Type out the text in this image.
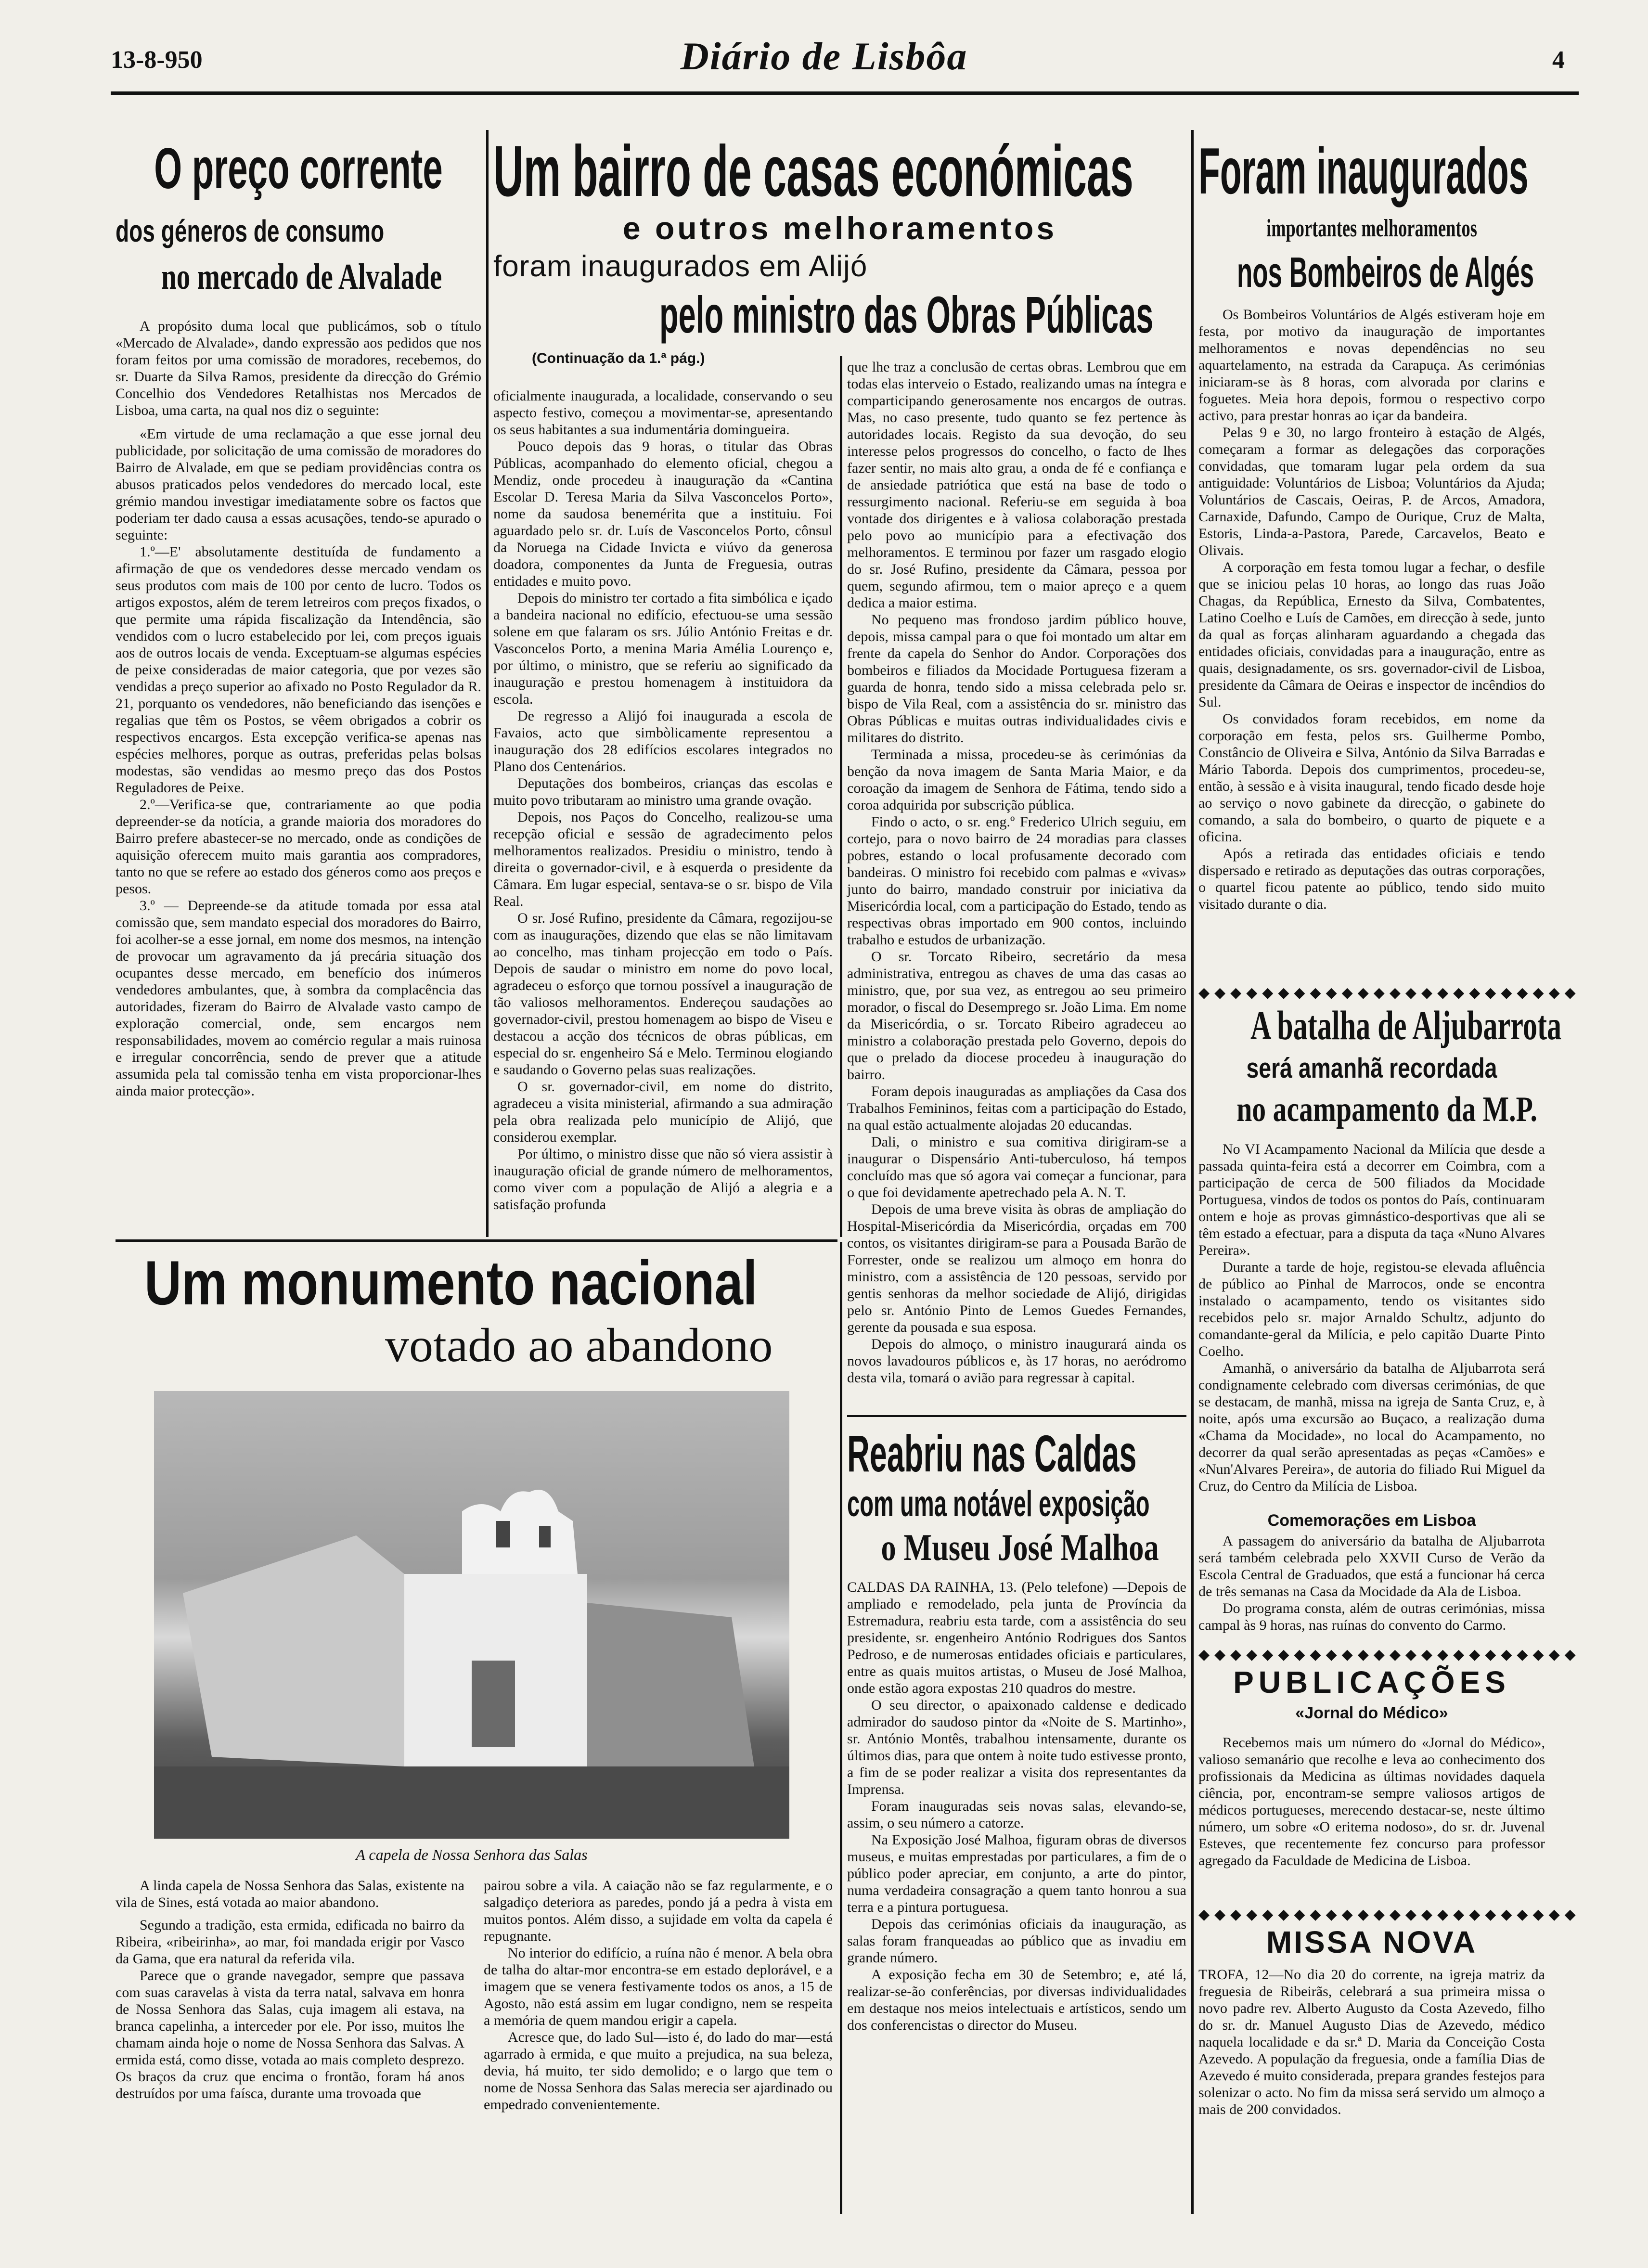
13-8-950	Diário de Lisbôa	4
O preço corrente
dos géneros de consumo
no mercado de Alvalade

A propósito duma local que publicámos, sob o título «Mercado de Alvalade», dando expressão aos pedidos que nos foram feitos por uma comissão de moradores, recebemos, do sr. Duarte da Silva Ramos, presidente da direcção do Grémio Concelhio dos Vendedores Retalhistas nos Mercados de Lisboa, uma carta, na qual nos diz o seguinte:

«Em virtude de uma reclamação a que esse jornal deu publicidade, por solicitação de uma comissão de moradores do Bairro de Alvalade, em que se pediam providências contra os abusos praticados pelos vendedores do mercado local, este grémio mandou investigar imediatamente sobre os factos que poderiam ter dado causa a essas acusações, tendo-se apurado o seguinte:

1.º—E' absolutamente destituída de fundamento a afirmação de que os vendedores desse mercado vendam os seus produtos com mais de 100 por cento de lucro. Todos os artigos expostos, além de terem letreiros com preços fixados, o que permite uma rápida fiscalização da Intendência, são vendidos com o lucro estabelecido por lei, com preços iguais aos de outros locais de venda. Exceptuam-se algumas espécies de peixe consideradas de maior categoria, que por vezes são vendidas a preço superior ao afixado no Posto Regulador da R. 21, porquanto os vendedores, não beneficiando das isenções e regalias que têm os Postos, se vêem obrigados a cobrir os respectivos encargos. Esta excepção verifica-se apenas nas espécies melhores, porque as outras, preferidas pelas bolsas modestas, são vendidas ao mesmo preço das dos Postos Reguladores de Peixe.

2.º—Verifica-se que, contrariamente ao que podia depreender-se da notícia, a grande maioria dos moradores do Bairro prefere abastecer-se no mercado, onde as condições de aquisição oferecem muito mais garantia aos compradores, tanto no que se refere ao estado dos géneros como aos preços e pesos.

3.º — Depreende-se da atitude tomada por essa atal comissão que, sem mandato especial dos moradores do Bairro, foi acolher-se a esse jornal, em nome dos mesmos, na intenção de provocar um agravamento da já precária situação dos ocupantes desse mercado, em benefício dos inúmeros vendedores ambulantes, que, à sombra da complacência das autoridades, fizeram do Bairro de Alvalade vasto campo de exploração comercial, onde, sem encargos nem responsabilidades, movem ao comércio regular a mais ruinosa e irregular concorrência, sendo de prever que a atitude assumida pela tal comissão tenha em vista proporcionar-lhes ainda maior protecção».

Um bairro de casas económicas
e outros melhoramentos
foram inaugurados em Alijó
pelo ministro das Obras Públicas
(Continuação da 1.ª pág.)

oficialmente inaugurada, a localidade, conservando o seu aspecto festivo, começou a movimentar-se, apresentando os seus habitantes a sua indumentária domingueira.

Pouco depois das 9 horas, o titular das Obras Públicas, acompanhado do elemento oficial, chegou a Mendiz, onde procedeu à inauguração da «Cantina Escolar D. Teresa Maria da Silva Vasconcelos Porto», nome da saudosa benemérita que a instituiu. Foi aguardado pelo sr. dr. Luís de Vasconcelos Porto, cônsul da Noruega na Cidade Invicta e viúvo da generosa doadora, componentes da Junta de Freguesia, outras entidades e muito povo.

Depois do ministro ter cortado a fita simbólica e içado a bandeira nacional no edifício, efectuou-se uma sessão solene em que falaram os srs. Júlio António Freitas e dr. Vasconcelos Porto, a menina Maria Amélia Lourenço e, por último, o ministro, que se referiu ao significado da inauguração e prestou homenagem à instituidora da escola.

De regresso a Alijó foi inaugurada a escola de Favaios, acto que simbòlicamente representou a inauguração dos 28 edifícios escolares integrados no Plano dos Centenários.

Deputações dos bombeiros, crianças das escolas e muito povo tributaram ao ministro uma grande ovação.

Depois, nos Paços do Concelho, realizou-se uma recepção oficial e sessão de agradecimento pelos melhoramentos realizados. Presidiu o ministro, tendo à direita o governador-civil, e à esquerda o presidente da Câmara. Em lugar especial, sentava-se o sr. bispo de Vila Real.

O sr. José Rufino, presidente da Câmara, regozijou-se com as inaugurações, dizendo que elas se não limitavam ao concelho, mas tinham projecção em todo o País. Depois de saudar o ministro em nome do povo local, agradeceu o esforço que tornou possível a inauguração de tão valiosos melhoramentos. Endereçou saudações ao governador-civil, prestou homenagem ao bispo de Viseu e destacou a acção dos técnicos de obras públicas, em especial do sr. engenheiro Sá e Melo. Terminou elogiando e saudando o Governo pelas suas realizações.

O sr. governador-civil, em nome do distrito, agradeceu a visita ministerial, afirmando a sua admiração pela obra realizada pelo município de Alijó, que considerou exemplar.

Por último, o ministro disse que não só viera assistir à inauguração oficial de grande número de melhoramentos, como viver com a população de Alijó a alegria e a satisfação profunda

que lhe traz a conclusão de certas obras. Lembrou que em todas elas interveio o Estado, realizando umas na íntegra e comparticipando generosamente nos encargos de outras. Mas, no caso presente, tudo quanto se fez pertence às autoridades locais. Registo da sua devoção, do seu interesse pelos progressos do concelho, o facto de lhes fazer sentir, no mais alto grau, a onda de fé e confiança e de ansiedade patriótica que está na base de todo o ressurgimento nacional. Referiu-se em seguida à boa vontade dos dirigentes e à valiosa colaboração prestada pelo povo ao município para a efectivação dos melhoramentos. E terminou por fazer um rasgado elogio do sr. José Rufino, presidente da Câmara, pessoa por quem, segundo afirmou, tem o maior apreço e a quem dedica a maior estima.

No pequeno mas frondoso jardim público houve, depois, missa campal para o que foi montado um altar em frente da capela do Senhor do Andor. Corporações dos bombeiros e filiados da Mocidade Portuguesa fizeram a guarda de honra, tendo sido a missa celebrada pelo sr. bispo de Vila Real, com a assistência do sr. ministro das Obras Públicas e muitas outras individualidades civis e militares do distrito.

Terminada a missa, procedeu-se às cerimónias da benção da nova imagem de Santa Maria Maior, e da coroação da imagem de Senhora de Fátima, tendo sido a coroa adquirida por subscrição pública.

Findo o acto, o sr. eng.º Frederico Ulrich seguiu, em cortejo, para o novo bairro de 24 moradias para classes pobres, estando o local profusamente decorado com bandeiras. O ministro foi recebido com palmas e «vivas» junto do bairro, mandado construir por iniciativa da Misericórdia local, com a participação do Estado, tendo as respectivas obras importado em 900 contos, incluindo trabalho e estudos de urbanização.

O sr. Torcato Ribeiro, secretário da mesa administrativa, entregou as chaves de uma das casas ao ministro, que, por sua vez, as entregou ao seu primeiro morador, o fiscal do Desemprego sr. João Lima. Em nome da Misericórdia, o sr. Torcato Ribeiro agradeceu ao ministro a colaboração prestada pelo Governo, depois do que o prelado da diocese procedeu à inauguração do bairro.

Foram depois inauguradas as ampliações da Casa dos Trabalhos Femininos, feitas com a participação do Estado, na qual estão actualmente alojadas 20 educandas.

Dali, o ministro e sua comitiva dirigiram-se a inaugurar o Dispensário Anti-tuberculoso, há tempos concluído mas que só agora vai começar a funcionar, para o que foi devidamente apetrechado pela A. N. T.

Depois de uma breve visita às obras de ampliação do Hospital-Misericórdia da Misericórdia, orçadas em 700 contos, os visitantes dirigiram-se para a Pousada Barão de Forrester, onde se realizou um almoço em honra do ministro, com a assistência de 120 pessoas, servido por gentis senhoras da melhor sociedade de Alijó, dirigidas pelo sr. António Pinto de Lemos Guedes Fernandes, gerente da pousada e sua esposa.

Depois do almoço, o ministro inaugurará ainda os novos lavadouros públicos e, às 17 horas, no aeródromo desta vila, tomará o avião para regressar à capital.

Foram inaugurados
importantes melhoramentos
nos Bombeiros de Algés

Os Bombeiros Voluntários de Algés estiveram hoje em festa, por motivo da inauguração de importantes melhoramentos e novas dependências no seu aquartelamento, na estrada da Carapuça. As cerimónias iniciaram-se às 8 horas, com alvorada por clarins e foguetes. Meia hora depois, formou o respectivo corpo activo, para prestar honras ao içar da bandeira.

Pelas 9 e 30, no largo fronteiro à estação de Algés, começaram a formar as delegações das corporações convidadas, que tomaram lugar pela ordem da sua antiguidade: Voluntários de Lisboa; Voluntários da Ajuda; Voluntários de Cascais, Oeiras, P. de Arcos, Amadora, Carnaxide, Dafundo, Campo de Ourique, Cruz de Malta, Estoris, Linda-a-Pastora, Parede, Carcavelos, Beato e Olivais.

A corporação em festa tomou lugar a fechar, o desfile que se iniciou pelas 10 horas, ao longo das ruas João Chagas, da República, Ernesto da Silva, Combatentes, Latino Coelho e Luís de Camões, em direcção à sede, junto da qual as forças alinharam aguardando a chegada das entidades oficiais, convidadas para a inauguração, entre as quais, designadamente, os srs. governador-civil de Lisboa, presidente da Câmara de Oeiras e inspector de incêndios do Sul.

Os convidados foram recebidos, em nome da corporação em festa, pelos srs. Guilherme Pombo, Constâncio de Oliveira e Silva, António da Silva Barradas e Mário Taborda. Depois dos cumprimentos, procedeu-se, então, à sessão e à visita inaugural, tendo ficado desde hoje ao serviço o novo gabinete da direcção, o gabinete do comando, a sala do bombeiro, o quarto de piquete e a oficina.

Após a retirada das entidades oficiais e tendo dispersado e retirado as deputações das outras corporações, o quartel ficou patente ao público, tendo sido muito visitado durante o dia.

◆◆◆◆◆◆◆◆◆◆◆◆◆◆◆◆◆◆◆◆◆◆◆◆
A batalha de Aljubarrota
será amanhã recordada
no acampamento da M.P.

No VI Acampamento Nacional da Milícia que desde a passada quinta-feira está a decorrer em Coimbra, com a participação de cerca de 500 filiados da Mocidade Portuguesa, vindos de todos os pontos do País, continuaram ontem e hoje as provas gimnástico-desportivas que ali se têm estado a efectuar, para a disputa da taça «Nuno Alvares Pereira».

Durante a tarde de hoje, registou-se elevada afluência de público ao Pinhal de Marrocos, onde se encontra instalado o acampamento, tendo os visitantes sido recebidos pelo sr. major Arnaldo Schultz, adjunto do comandante-geral da Milícia, e pelo capitão Duarte Pinto Coelho.

Amanhã, o aniversário da batalha de Aljubarrota será condignamente celebrado com diversas cerimónias, de que se destacam, de manhã, missa na igreja de Santa Cruz, e, à noite, após uma excursão ao Buçaco, a realização duma «Chama da Mocidade», no local do Acampamento, no decorrer da qual serão apresentadas as peças «Camões» e «Nun'Alvares Pereira», de autoria do filiado Rui Miguel da Cruz, do Centro da Milícia de Lisboa.

Comemorações em Lisboa

A passagem do aniversário da batalha de Aljubarrota será também celebrada pelo XXVII Curso de Verão da Escola Central de Graduados, que está a funcionar há cerca de três semanas na Casa da Mocidade da Ala de Lisboa.

Do programa consta, além de outras cerimónias, missa campal às 9 horas, nas ruínas do convento do Carmo.

◆◆◆◆◆◆◆◆◆◆◆◆◆◆◆◆◆◆◆◆◆◆◆◆
PUBLICAÇÕES
«Jornal do Médico»

Recebemos mais um número do «Jornal do Médico», valioso semanário que recolhe e leva ao conhecimento dos profissionais da Medicina as últimas novidades daquela ciência, por, encontram-se sempre valiosos artigos de médicos portugueses, merecendo destacar-se, neste último número, um sobre «O eritema nodoso», do sr. dr. Juvenal Esteves, que recentemente fez concurso para professor agregado da Faculdade de Medicina de Lisboa.

◆◆◆◆◆◆◆◆◆◆◆◆◆◆◆◆◆◆◆◆◆◆◆◆
MISSA NOVA

TROFA, 12—No dia 20 do corrente, na igreja matriz da freguesia de Ribeirãs, celebrará a sua primeira missa o novo padre rev. Alberto Augusto da Costa Azevedo, filho do sr. dr. Manuel Augusto Dias de Azevedo, médico naquela localidade e da sr.ª D. Maria da Conceição Costa Azevedo. A população da freguesia, onde a família Dias de Azevedo é muito considerada, prepara grandes festejos para solenizar o acto. No fim da missa será servido um almoço a mais de 200 convidados.

Um monumento nacional
votado ao abandono
A capela de Nossa Senhora das Salas

A linda capela de Nossa Senhora das Salas, existente na vila de Sines, está votada ao maior abandono.

Segundo a tradição, esta ermida, edificada no bairro da Ribeira, «ribeirinha», ao mar, foi mandada erigir por Vasco da Gama, que era natural da referida vila.

Parece que o grande navegador, sempre que passava com suas caravelas à vista da terra natal, salvava em honra de Nossa Senhora das Salas, cuja imagem ali estava, na branca capelinha, a interceder por ele. Por isso, muitos lhe chamam ainda hoje o nome de Nossa Senhora das Salvas. A ermida está, como disse, votada ao mais completo desprezo. Os braços da cruz que encima o frontão, foram há anos destruídos por uma faísca, durante uma trovoada que

pairou sobre a vila. A caiação não se faz regularmente, e o salgadiço deteriora as paredes, pondo já a pedra à vista em muitos pontos. Além disso, a sujidade em volta da capela é repugnante.

No interior do edifício, a ruína não é menor. A bela obra de talha do altar-mor encontra-se em estado deplorável, e a imagem que se venera festivamente todos os anos, a 15 de Agosto, não está assim em lugar condigno, nem se respeita a memória de quem mandou erigir a capela.

Acresce que, do lado Sul—isto é, do lado do mar—está agarrado à ermida, e que muito a prejudica, na sua beleza, devia, há muito, ter sido demolido; e o largo que tem o nome de Nossa Senhora das Salas merecia ser ajardinado ou empedrado convenientemente.

Reabriu nas Caldas
com uma notável exposição
o Museu José Malhoa

CALDAS DA RAINHA, 13. (Pelo telefone) —Depois de ampliado e remodelado, pela junta de Província da Estremadura, reabriu esta tarde, com a assistência do seu presidente, sr. engenheiro António Rodrigues dos Santos Pedroso, e de numerosas entidades oficiais e particulares, entre as quais muitos artistas, o Museu de José Malhoa, onde estão agora expostas 210 quadros do mestre.

O seu director, o apaixonado caldense e dedicado admirador do saudoso pintor da «Noite de S. Martinho», sr. António Montês, trabalhou intensamente, durante os últimos dias, para que ontem à noite tudo estivesse pronto, a fim de se poder realizar a visita dos representantes da Imprensa.

Foram inauguradas seis novas salas, elevando-se, assim, o seu número a catorze.

Na Exposição José Malhoa, figuram obras de diversos museus, e muitas emprestadas por particulares, a fim de o público poder apreciar, em conjunto, a arte do pintor, numa verdadeira consagração a quem tanto honrou a sua terra e a pintura portuguesa.

Depois das cerimónias oficiais da inauguração, as salas foram franqueadas ao público que as invadiu em grande número.

A exposição fecha em 30 de Setembro; e, até lá, realizar-se-ão conferências, por diversas individualidades em destaque nos meios intelectuais e artísticos, sendo um dos conferencistas o director do Museu.
